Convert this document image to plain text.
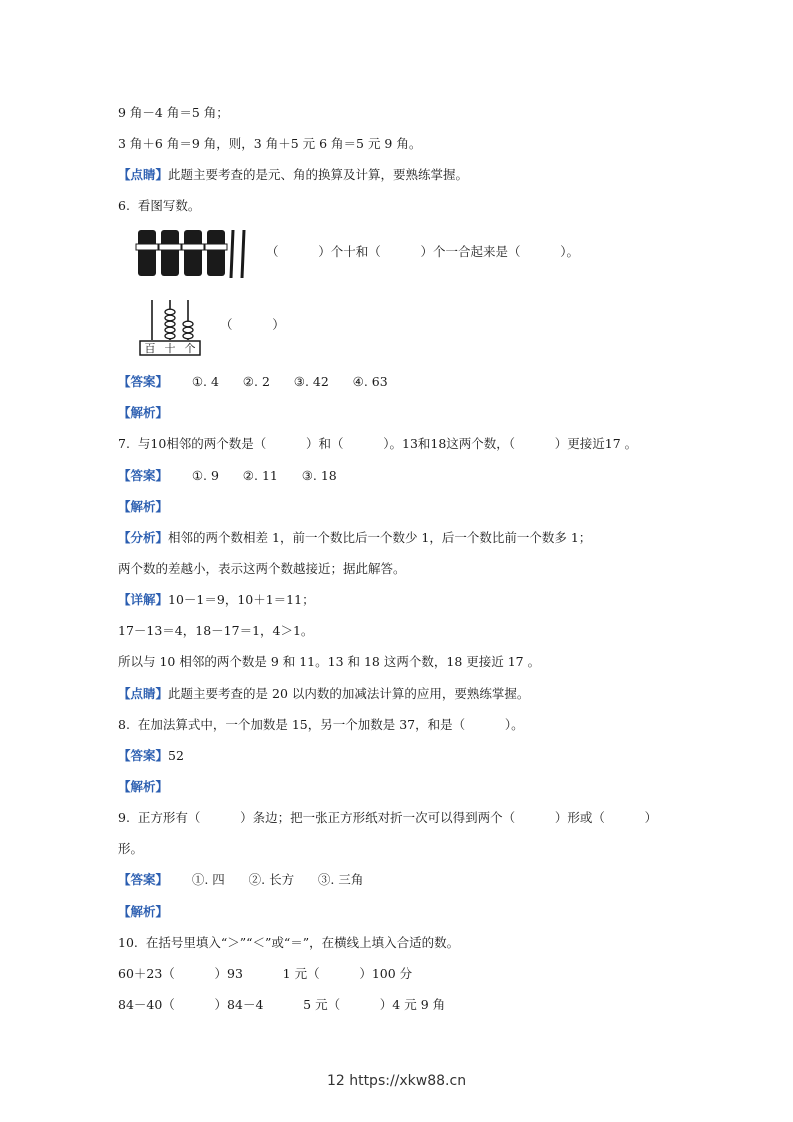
9 角－4 角＝5 角；
3 角＋6 角＝9 角，则，3 角＋5 元 6 角＝5 元 9 角。
【点睛】此题主要考查的是元、角的换算及计算，要熟练掌握。
6.  看图写数。
（          ）个十和（          ）个一合起来是（          ）。
百 十 个
（          ）
【答案】      ①. 4      ②. 2      ③. 42      ④. 63
【解析】
7.  与10相邻的两个数是（          ）和（          ）。13和18这两个数，（          ）更接近17 。
【答案】      ①. 9      ②. 11      ③. 18
【解析】
【分析】相邻的两个数相差 1，前一个数比后一个数少 1，后一个数比前一个数多 1；
两个数的差越小，表示这两个数越接近；据此解答。
【详解】10－1＝9，10＋1＝11；
17－13＝4，18－17＝1，4＞1。
所以与 10 相邻的两个数是 9 和 11。13 和 18 这两个数，18 更接近 17 。
【点睛】此题主要考查的是 20 以内数的加减法计算的应用，要熟练掌握。
8.  在加法算式中，一个加数是 15，另一个加数是 37，和是（          ）。
【答案】52
【解析】
9.  正方形有（          ）条边；把一张正方形纸对折一次可以得到两个（          ）形或（          ）
形。
【答案】      ①. 四      ②. 长方      ③. 三角
【解析】
10.  在括号里填入“＞”“＜”或“＝”，在横线上填入合适的数。
60＋23（          ）93          1 元（          ）100 分
84－40（          ）84－4          5 元（          ）4 元 9 角
12 https://xkw88.cn
